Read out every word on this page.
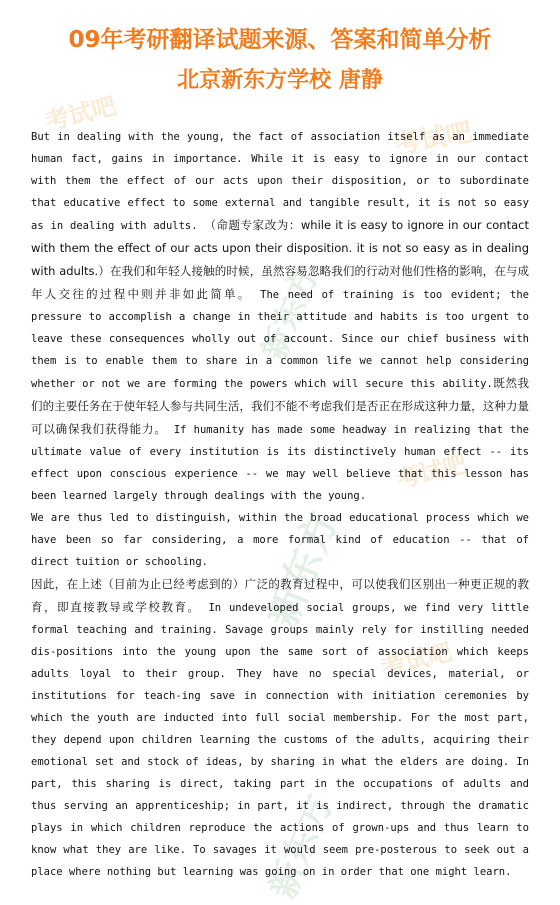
考试吧
考试吧
新东方
考试吧
新东方
考试吧
新东方
09年考研翻译试题来源、答案和简单分析
北京新东方学校 唐静

But in dealing with the young, the fact of association itself as an immediate human fact, gains in importance. While it is easy to ignore in our contact with them the effect of our acts upon their disposition, or to subordinate that educative effect to some external and tangible result, it is not so easy as in dealing with adults. （命题专家改为：while it is easy to ignore in our contact with them the effect of our acts upon their disposition. it is not so easy as in dealing with adults.）在我们和年轻人接触的时候，虽然容易忽略我们的行动对他们性格的影响，在与成年人交往的过程中则并非如此简单。 The need of training is too evident; the pressure to accomplish a change in their attitude and habits is too urgent to leave these consequences wholly out of account. Since our chief business with them is to enable them to share in a common life we cannot help considering whether or not we are forming the powers which will secure this ability.既然我们的主要任务在于使年轻人参与共同生活，我们不能不考虑我们是否正在形成这种力量，这种力量可以确保我们获得能力。 If humanity has made some headway in realizing that the ultimate value of every institution is its distinctively human effect -- its effect upon conscious experience -- we may well believe that this lesson has been learned largely through dealings with the young.

We are thus led to distinguish, within the broad educational process which we have been so far considering, a more formal kind of education -- that of direct tuition or schooling.

因此，在上述（目前为止已经考虑到的）广泛的教育过程中，可以使我们区别出一种更正规的教育，即直接教导或学校教育。 In undeveloped social groups, we find very little formal teaching and training. Savage groups mainly rely for instilling needed dis-positions into the young upon the same sort of association which keeps adults loyal to their group. They have no special devices, material, or institutions for teach-ing save in connection with initiation ceremonies by which the youth are inducted into full social membership. For the most part, they depend upon children learning the customs of the adults, acquiring their emotional set and stock of ideas, by sharing in what the elders are doing. In part, this sharing is direct, taking part in the occupations of adults and thus serving an apprenticeship; in part, it is indirect, through the dramatic plays in which children reproduce the actions of grown-ups and thus learn to know what they are like. To savages it would seem pre-posterous to seek out a place where nothing but learning was going on in order that one might learn.
